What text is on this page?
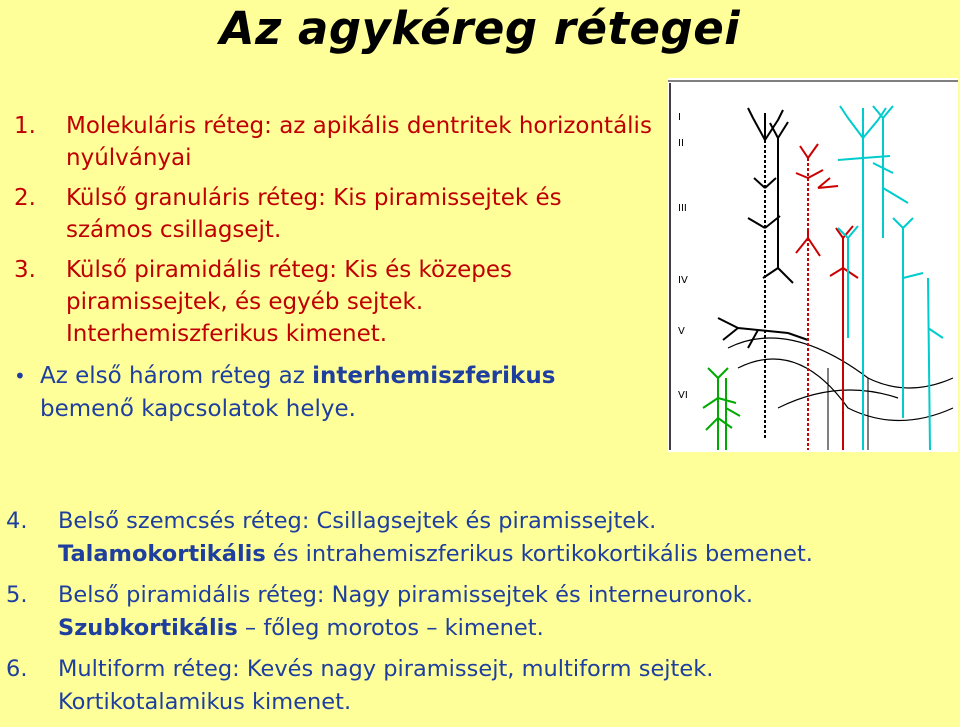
Az agykéreg rétegei
1. Molekuláris réteg: az apikális dentritek horizontális nyúlványai
2. Külső granuláris réteg: Kis piramissejtek és számos csillagsejt.
3. Külső piramidális réteg: Kis és közepes piramissejtek, és egyéb sejtek.
Interhemiszferikus kimenet.
• Az első három réteg az interhemiszferikus bemenő kapcsolatok helye.
I
II
III
IV
V
VI
4. Belső szemcsés réteg: Csillagsejtek és piramissejtek.
Talamokortikális és intrahemiszferikus kortikokortikális bemenet.
5. Belső piramidális réteg: Nagy piramissejtek és interneuronok.
Szubkortikális – főleg morotos – kimenet.
6. Multiform réteg: Kevés nagy piramissejt, multiform sejtek.
Kortikotalamikus kimenet.
